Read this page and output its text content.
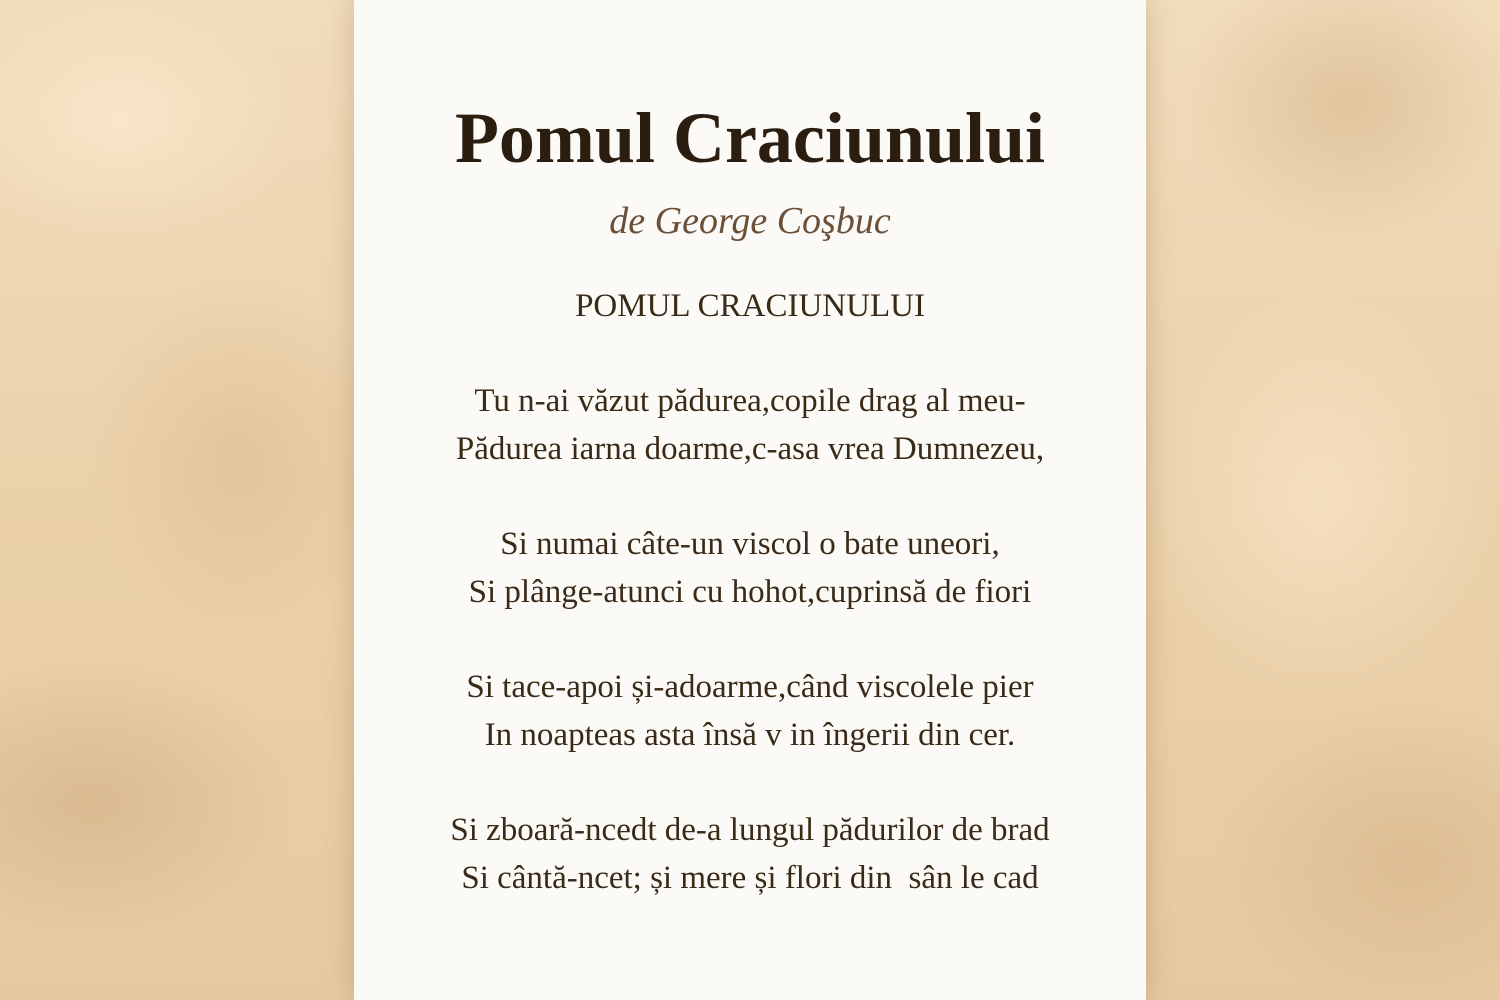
Pomul Craciunului

de George Coşbuc

POMUL CRACIUNULUI
Tu n-ai văzut pădurea,copile drag al meu-
Pădurea iarna doarme,c-asa vrea Dumnezeu,
Si numai câte-un viscol o bate uneori,
Si plânge-atunci cu hohot,cuprinsă de fiori
Si tace-apoi și-adoarme,când viscolele pier
In noapteas asta însă v in îngerii din cer.
Si zboară-ncedt de-a lungul pădurilor de brad
Si cântă-ncet; și mere și flori din  sân le cad
